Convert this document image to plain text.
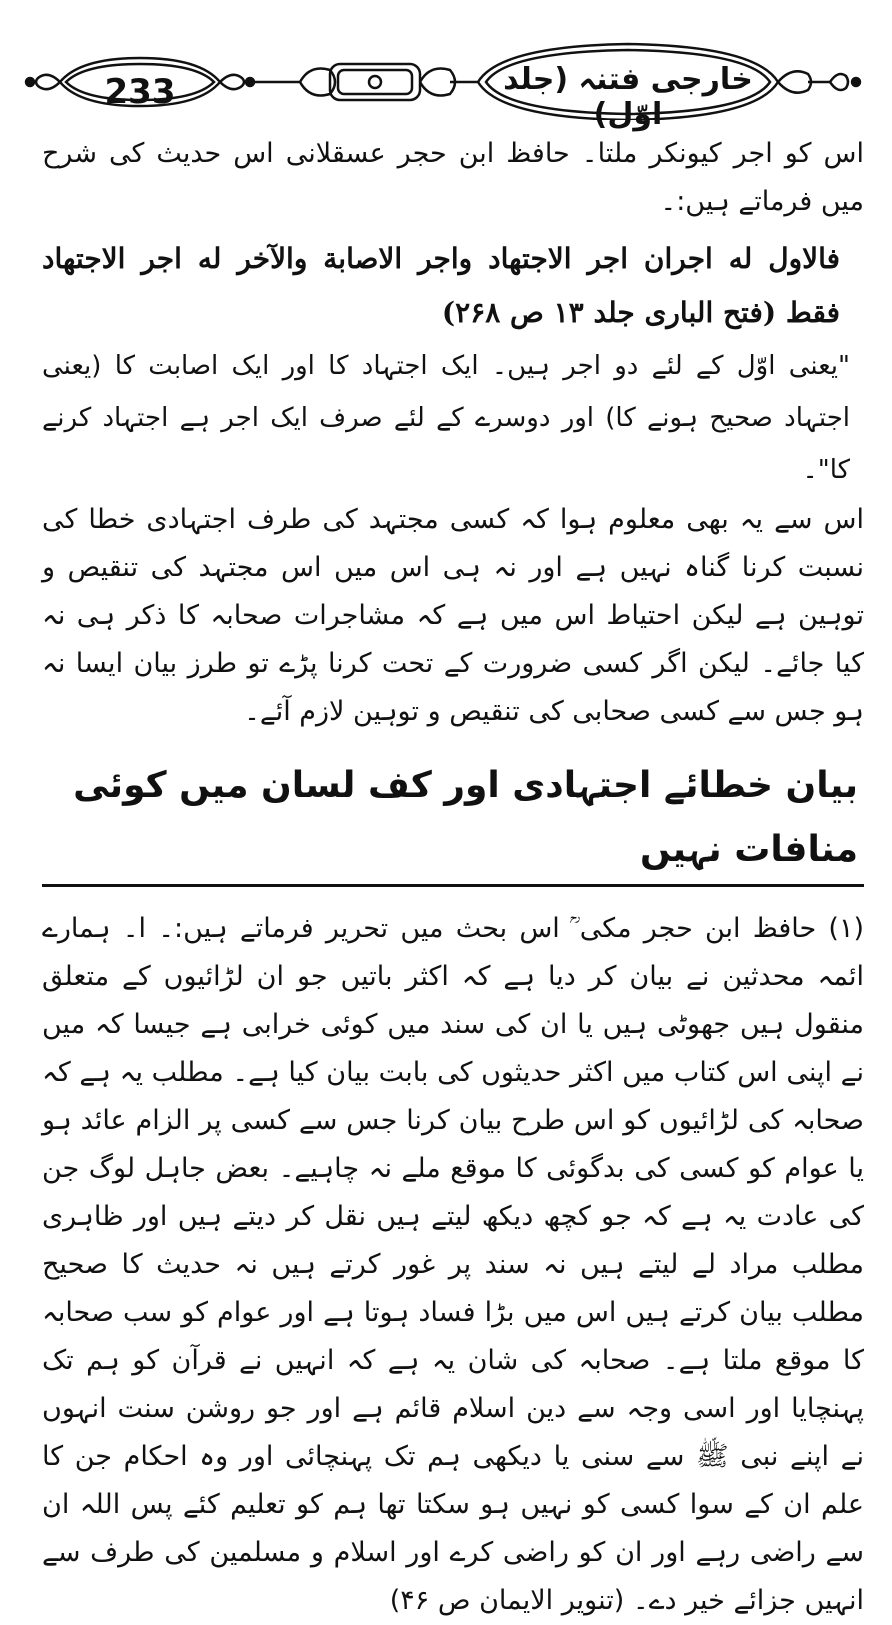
233	خارجی فتنہ (جلد اوّل)

اس کو اجر کیونکر ملتا۔ حافظ ابن حجر عسقلانی اس حدیث کی شرح میں فرماتے ہیں:۔

فالاول له اجران اجر الاجتهاد واجر الاصابة والآخر له اجر الاجتهاد فقط (فتح الباری جلد ۱۳ ص ۲۶۸)

"یعنی اوّل کے لئے دو اجر ہیں۔ ایک اجتہاد کا اور ایک اصابت کا (یعنی اجتہاد صحیح ہونے کا) اور دوسرے کے لئے صرف ایک اجر ہے اجتہاد کرنے کا"۔

اس سے یہ بھی معلوم ہوا کہ کسی مجتہد کی طرف اجتہادی خطا کی نسبت کرنا گناہ نہیں ہے اور نہ ہی اس میں اس مجتہد کی تنقیص و توہین ہے لیکن احتیاط اس میں ہے کہ مشاجرات صحابہ کا ذکر ہی نہ کیا جائے۔ لیکن اگر کسی ضرورت کے تحت کرنا پڑے تو طرز بیان ایسا نہ ہو جس سے کسی صحابی کی تنقیص و توہین لازم آئے۔

بیان خطائے اجتہادی اور کف لسان میں کوئی منافات نہیں

(۱) حافظ ابن حجر مکی ؒ اس بحث میں تحریر فرماتے ہیں:۔ ا۔ ہمارے ائمہ محدثین نے بیان کر دیا ہے کہ اکثر باتیں جو ان لڑائیوں کے متعلق منقول ہیں جھوٹی ہیں یا ان کی سند میں کوئی خرابی ہے جیسا کہ میں نے اپنی اس کتاب میں اکثر حدیثوں کی بابت بیان کیا ہے۔ مطلب یہ ہے کہ صحابہ کی لڑائیوں کو اس طرح بیان کرنا جس سے کسی پر الزام عائد ہو یا عوام کو کسی کی بدگوئی کا موقع ملے نہ چاہیے۔ بعض جاہل لوگ جن کی عادت یہ ہے کہ جو کچھ دیکھ لیتے ہیں نقل کر دیتے ہیں اور ظاہری مطلب مراد لے لیتے ہیں نہ سند پر غور کرتے ہیں نہ حدیث کا صحیح مطلب بیان کرتے ہیں اس میں بڑا فساد ہوتا ہے اور عوام کو سب صحابہ کا موقع ملتا ہے۔ صحابہ کی شان یہ ہے کہ انہیں نے قرآن کو ہم تک پہنچایا اور اسی وجہ سے دین اسلام قائم ہے اور جو روشن سنت انہوں نے اپنے نبی ﷺ سے سنی یا دیکھی ہم تک پہنچائی اور وہ احکام جن کا علم ان کے سوا کسی کو نہیں ہو سکتا تھا ہم کو تعلیم کئے پس اللہ ان سے راضی رہے اور ان کو راضی کرے اور اسلام و مسلمین کی طرف سے انہیں جزائے خیر دے۔ (تنویر الایمان ص ۴۶)
